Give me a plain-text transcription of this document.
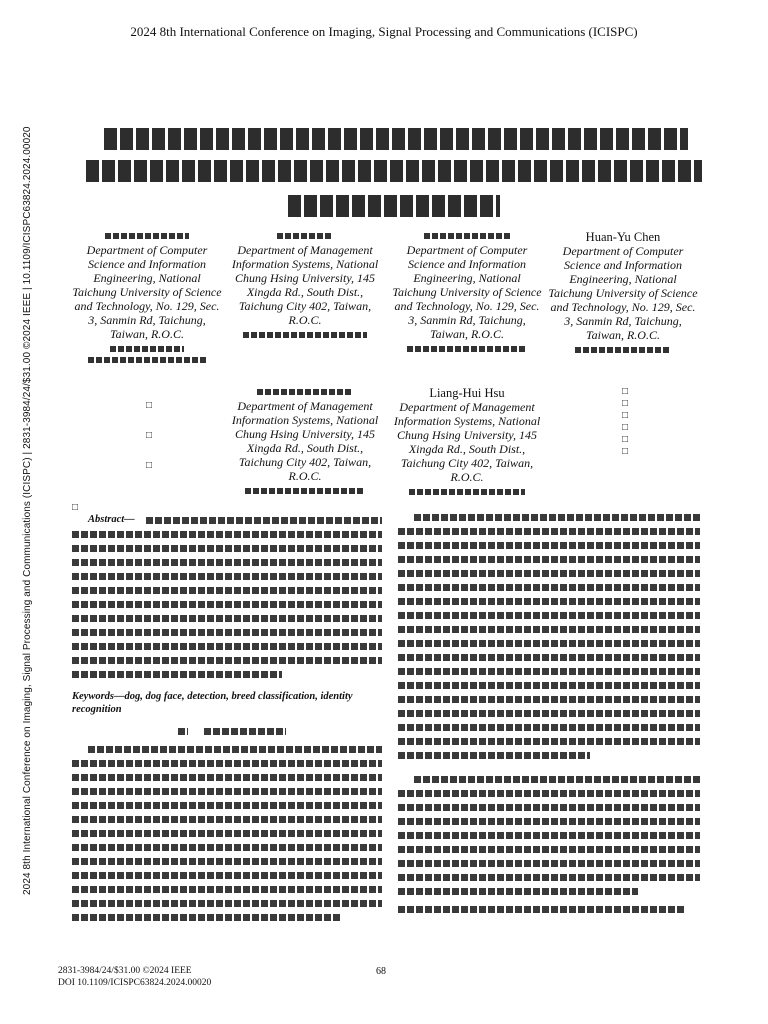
2024 8th International Conference on Imaging, Signal Processing and Communications (ICISPC)
2024 8th International Conference on Imaging, Signal Processing and Communications (ICISPC) | 2831-3984/24/$31.00 ©2024 IEEE | 10.1109/ICISPC63824.2024.00020	Department of Computer Science and Information Engineering, National Taichung University of Science and Technology, No. 129, Sec. 3, Sanmin Rd, Taichung, Taiwan, R.O.C.
Department of Management Information Systems, National Chung Hsing University, 145 Xingda Rd., South Dist., Taichung City 402, Taiwan, R.O.C.
Department of Computer Science and Information Engineering, National Taichung University of Science and Technology, No. 129, Sec. 3, Sanmin Rd, Taichung, Taiwan, R.O.C.
Huan-Yu Chen
Department of Computer Science and Information Engineering, National Taichung University of Science and Technology, No. 129, Sec. 3, Sanmin Rd, Taichung, Taiwan, R.O.C.
□
□
□
Department of Management Information Systems, National Chung Hsing University, 145 Xingda Rd., South Dist., Taichung City 402, Taiwan, R.O.C.
Liang-Hui Hsu
Department of Management Information Systems, National Chung Hsing University, 145 Xingda Rd., South Dist., Taichung City 402, Taiwan, R.O.C.
□
□
□
□
□
□
□
Abstract—
Keywords—dog, dog face, detection, breed classification, identity recognition
2831-3984/24/$31.00 ©2024 IEEE
DOI 10.1109/ICISPC63824.2024.00020
68
